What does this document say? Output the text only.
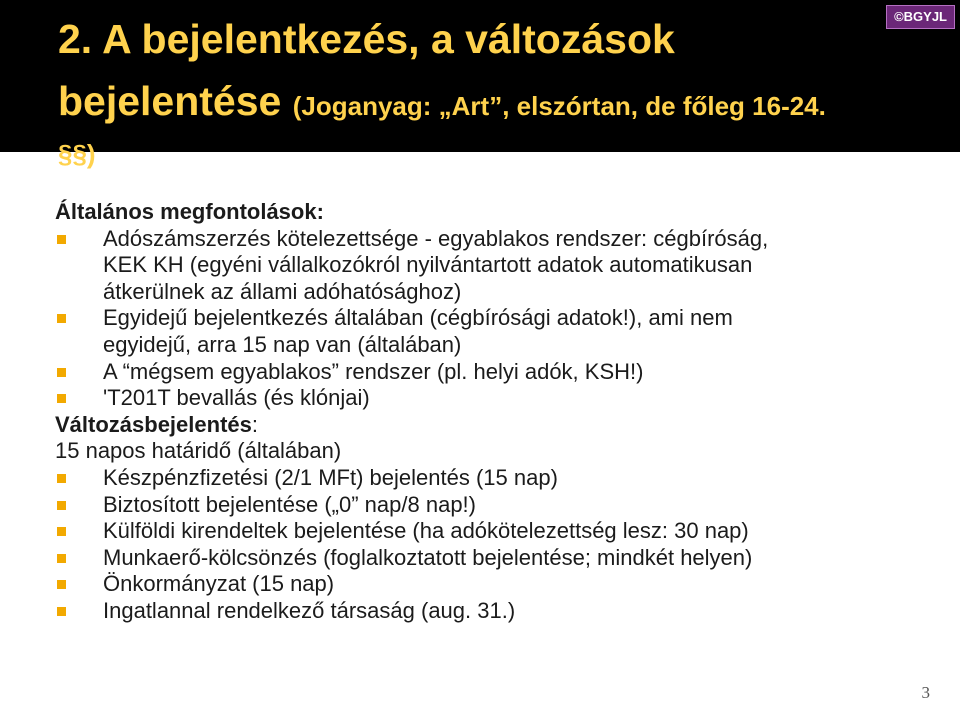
2. A bejelentkezés, a változások
bejelentése (Joganyag: „Art”, elszórtan, de főleg 16-24.
§§)
©BGYJL
Általános megfontolások:
Adószámszerzés kötelezettsége - egyablakos rendszer: cégbíróság,
KEK KH (egyéni vállalkozókról nyilvántartott adatok automatikusan
átkerülnek az állami adóhatósághoz)
Egyidejű bejelentkezés általában (cégbírósági adatok!), ami nem
egyidejű, arra 15 nap van (általában)
A “mégsem egyablakos” rendszer (pl. helyi adók, KSH!)
'T201T bevallás (és klónjai)
Változásbejelentés:
15 napos határidő (általában)
Készpénzfizetési (2/1 MFt) bejelentés (15 nap)
Biztosított bejelentése („0” nap/8 nap!)
Külföldi kirendeltek bejelentése (ha adókötelezettség lesz: 30 nap)
Munkaerő-kölcsönzés (foglalkoztatott bejelentése; mindkét helyen)
Önkormányzat (15 nap)
Ingatlannal rendelkező társaság (aug. 31.)
3
